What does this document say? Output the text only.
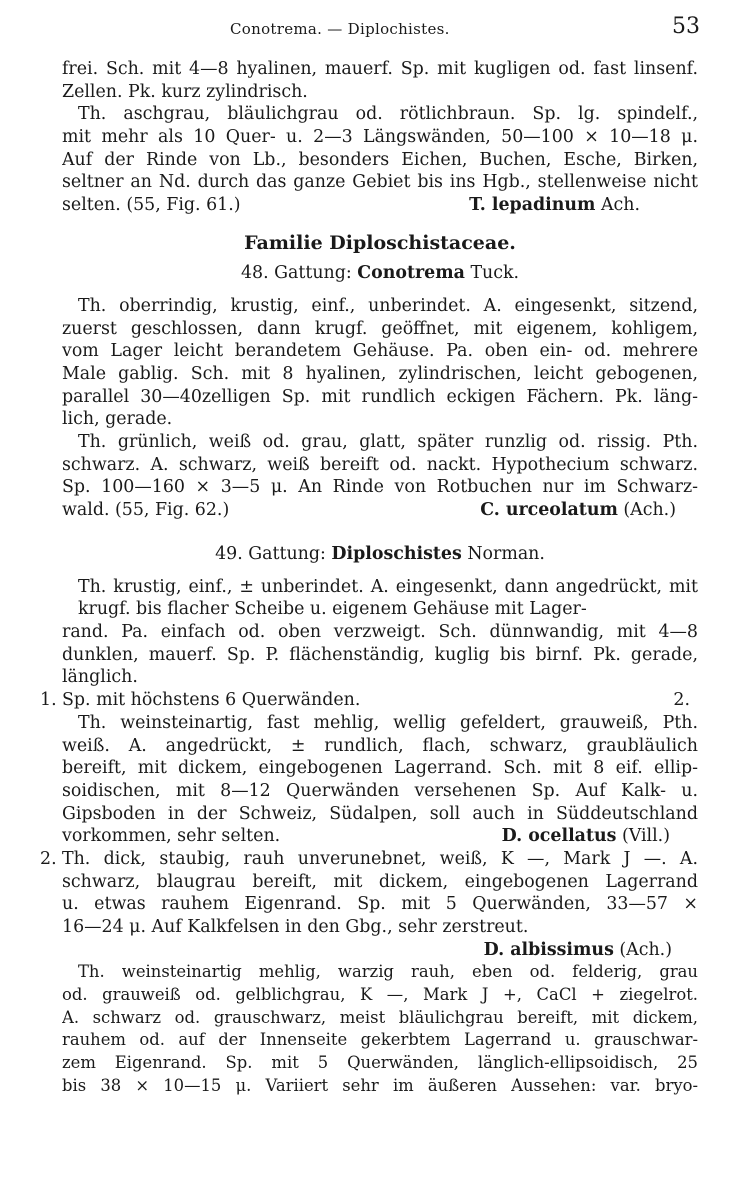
Conotrema. — Diplochistes.	53
frei. Sch. mit 4—8 hyalinen, mauerf. Sp. mit kugligen od. fast linsenf.
Zellen. Pk. kurz zylindrisch.
Th. aschgrau, bläulichgrau od. rötlichbraun. Sp. lg. spindelf.,
mit mehr als 10 Quer- u. 2—3 Längswänden, 50—100 × 10—18 μ.
Auf der Rinde von Lb., besonders Eichen, Buchen, Esche, Birken,
seltner an Nd. durch das ganze Gebiet bis ins Hgb., stellenweise nicht
selten. (55, Fig. 61.)	T. lepadinum Ach.
Familie Diploschistaceae.
48. Gattung: Conotrema Tuck.
Th. oberrindig, krustig, einf., unberindet. A. eingesenkt, sitzend,
zuerst geschlossen, dann krugf. geöffnet, mit eigenem, kohligem,
vom Lager leicht berandetem Gehäuse. Pa. oben ein- od. mehrere
Male gablig. Sch. mit 8 hyalinen, zylindrischen, leicht gebogenen,
parallel 30—40zelligen Sp. mit rundlich eckigen Fächern. Pk. läng-
lich, gerade.
Th. grünlich, weiß od. grau, glatt, später runzlig od. rissig. Pth.
schwarz. A. schwarz, weiß bereift od. nackt. Hypothecium schwarz.
Sp. 100—160 × 3—5 μ. An Rinde von Rotbuchen nur im Schwarz-
wald. (55, Fig. 62.)	C. urceolatum (Ach.)
49. Gattung: Diploschistes Norman.
Th. krustig, einf., ± unberindet. A. eingesenkt, dann angedrückt, mit krugf. bis flacher Scheibe u. eigenem Gehäuse mit Lager-
rand. Pa. einfach od. oben verzweigt. Sch. dünnwandig, mit 4—8
dunklen, mauerf. Sp. P. flächenständig, kuglig bis birnf. Pk. gerade,
länglich.
1. Sp. mit höchstens 6 Querwänden.	2.
Th. weinsteinartig, fast mehlig, wellig gefeldert, grauweiß, Pth.
weiß. A. angedrückt, ± rundlich, flach, schwarz, graubläulich
bereift, mit dickem, eingebogenen Lagerrand. Sch. mit 8 eif. ellip-
soidischen, mit 8—12 Querwänden versehenen Sp. Auf Kalk- u.
Gipsboden in der Schweiz, Südalpen, soll auch in Süddeutschland
vorkommen, sehr selten.	D. ocellatus (Vill.)
2. Th. dick, staubig, rauh unverunebnet, weiß, K —, Mark J —. A.
schwarz, blaugrau bereift, mit dickem, eingebogenen Lagerrand
u. etwas rauhem Eigenrand. Sp. mit 5 Querwänden, 33—57 ×
16—24 μ. Auf Kalkfelsen in den Gbg., sehr zerstreut.
D. albissimus (Ach.)
Th. weinsteinartig mehlig, warzig rauh, eben od. felderig, grau
od. grauweiß od. gelblichgrau, K —, Mark J +, CaCl + ziegelrot.
A. schwarz od. grauschwarz, meist bläulichgrau bereift, mit dickem,
rauhem od. auf der Innenseite gekerbtem Lagerrand u. grauschwar-
zem Eigenrand. Sp. mit 5 Querwänden, länglich-ellipsoidisch, 25
bis 38 × 10—15 μ. Variiert sehr im äußeren Aussehen: var. bryo-
